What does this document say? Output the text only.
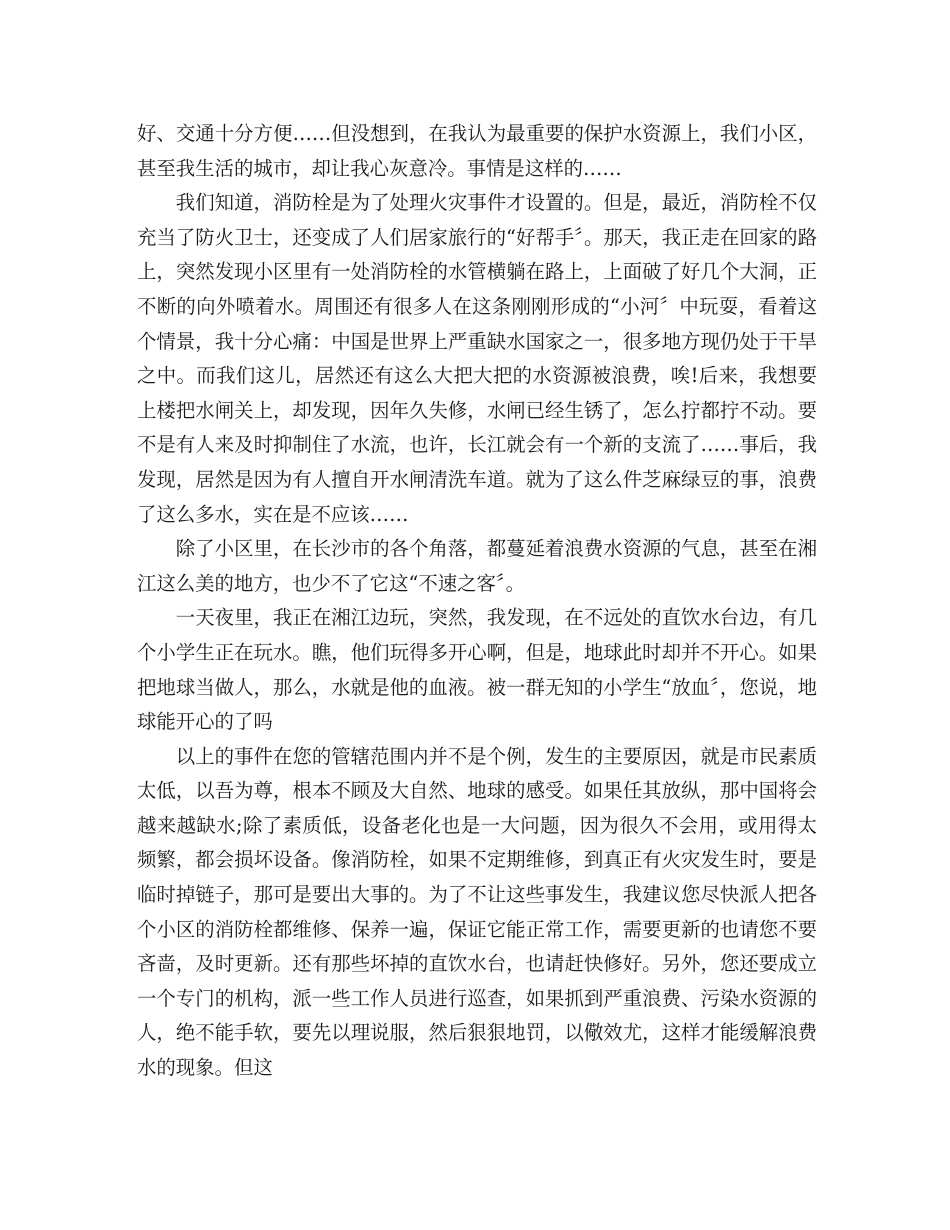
好、交通十分方便……但没想到，在我认为最重要的保护水资源上，我们小区，甚至我生活的城市，却让我心灰意冷。事情是这样的……

我们知道，消防栓是为了处理火灾事件才设置的。但是，最近，消防栓不仅充当了防火卫士，还变成了人们居家旅行的“好帮手〞。那天，我正走在回家的路上，突然发现小区里有一处消防栓的水管横躺在路上，上面破了好几个大洞，正不断的向外喷着水。周围还有很多人在这条刚刚形成的“小河〞中玩耍，看着这个情景，我十分心痛：中国是世界上严重缺水国家之一，很多地方现仍处于干旱之中。而我们这儿，居然还有这么大把大把的水资源被浪费，唉!后来，我想要上楼把水闸关上，却发现，因年久失修，水闸已经生锈了，怎么拧都拧不动。要不是有人来及时抑制住了水流，也许，长江就会有一个新的支流了……事后，我发现，居然是因为有人擅自开水闸清洗车道。就为了这么件芝麻绿豆的事，浪费了这么多水，实在是不应该……

除了小区里，在长沙市的各个角落，都蔓延着浪费水资源的气息，甚至在湘江这么美的地方，也少不了它这“不速之客〞。

一天夜里，我正在湘江边玩，突然，我发现，在不远处的直饮水台边，有几个小学生正在玩水。瞧，他们玩得多开心啊，但是，地球此时却并不开心。如果把地球当做人，那么，水就是他的血液。被一群无知的小学生“放血〞，您说，地球能开心的了吗

以上的事件在您的管辖范围内并不是个例，发生的主要原因，就是市民素质太低，以吾为尊，根本不顾及大自然、地球的感受。如果任其放纵，那中国将会越来越缺水;除了素质低，设备老化也是一大问题，因为很久不会用，或用得太频繁，都会损坏设备。像消防栓，如果不定期维修，到真正有火灾发生时，要是临时掉链子，那可是要出大事的。为了不让这些事发生，我建议您尽快派人把各个小区的消防栓都维修、保养一遍，保证它能正常工作，需要更新的也请您不要吝啬，及时更新。还有那些坏掉的直饮水台，也请赶快修好。另外，您还要成立一个专门的机构，派一些工作人员进行巡查，如果抓到严重浪费、污染水资源的人，绝不能手软，要先以理说服，然后狠狠地罚，以儆效尤，这样才能缓解浪费水的现象。但这
